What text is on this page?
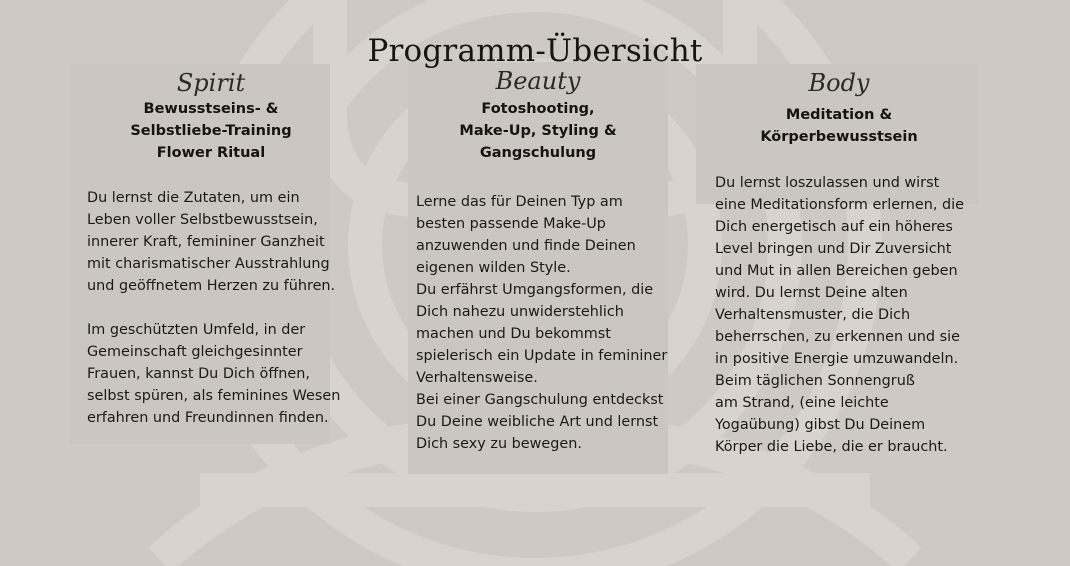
Programm-Übersicht
Spirit
Bewusstseins- &
Selbstliebe-Training
Flower Ritual
Du lernst die Zutaten, um ein
Leben voller Selbstbewusstsein,
innerer Kraft, femininer Ganzheit
mit charismatischer Ausstrahlung
und geöffnetem Herzen zu führen.
Im geschützten Umfeld, in der
Gemeinschaft gleichgesinnter
Frauen, kannst Du Dich öffnen,
selbst spüren, als feminines Wesen
erfahren und Freundinnen finden.
Beauty
Fotoshooting,
Make-Up, Styling &
Gangschulung
Lerne das für Deinen Typ am
besten passende Make-Up
anzuwenden und finde Deinen
eigenen wilden Style.
Du erfährst Umgangsformen, die
Dich nahezu unwiderstehlich
machen und Du bekommst
spielerisch ein Update in femininer
Verhaltensweise.
Bei einer Gangschulung entdeckst
Du Deine weibliche Art und lernst
Dich sexy zu bewegen.
Body
Meditation &
Körperbewusstsein
Du lernst loszulassen und wirst
eine Meditationsform erlernen, die
Dich energetisch auf ein höheres
Level bringen und Dir Zuversicht
und Mut in allen Bereichen geben
wird. Du lernst Deine alten
Verhaltensmuster, die Dich
beherrschen, zu erkennen und sie
in positive Energie umzuwandeln.
Beim täglichen Sonnengruß
am Strand, (eine leichte
Yogaübung) gibst Du Deinem
Körper die Liebe, die er braucht.
